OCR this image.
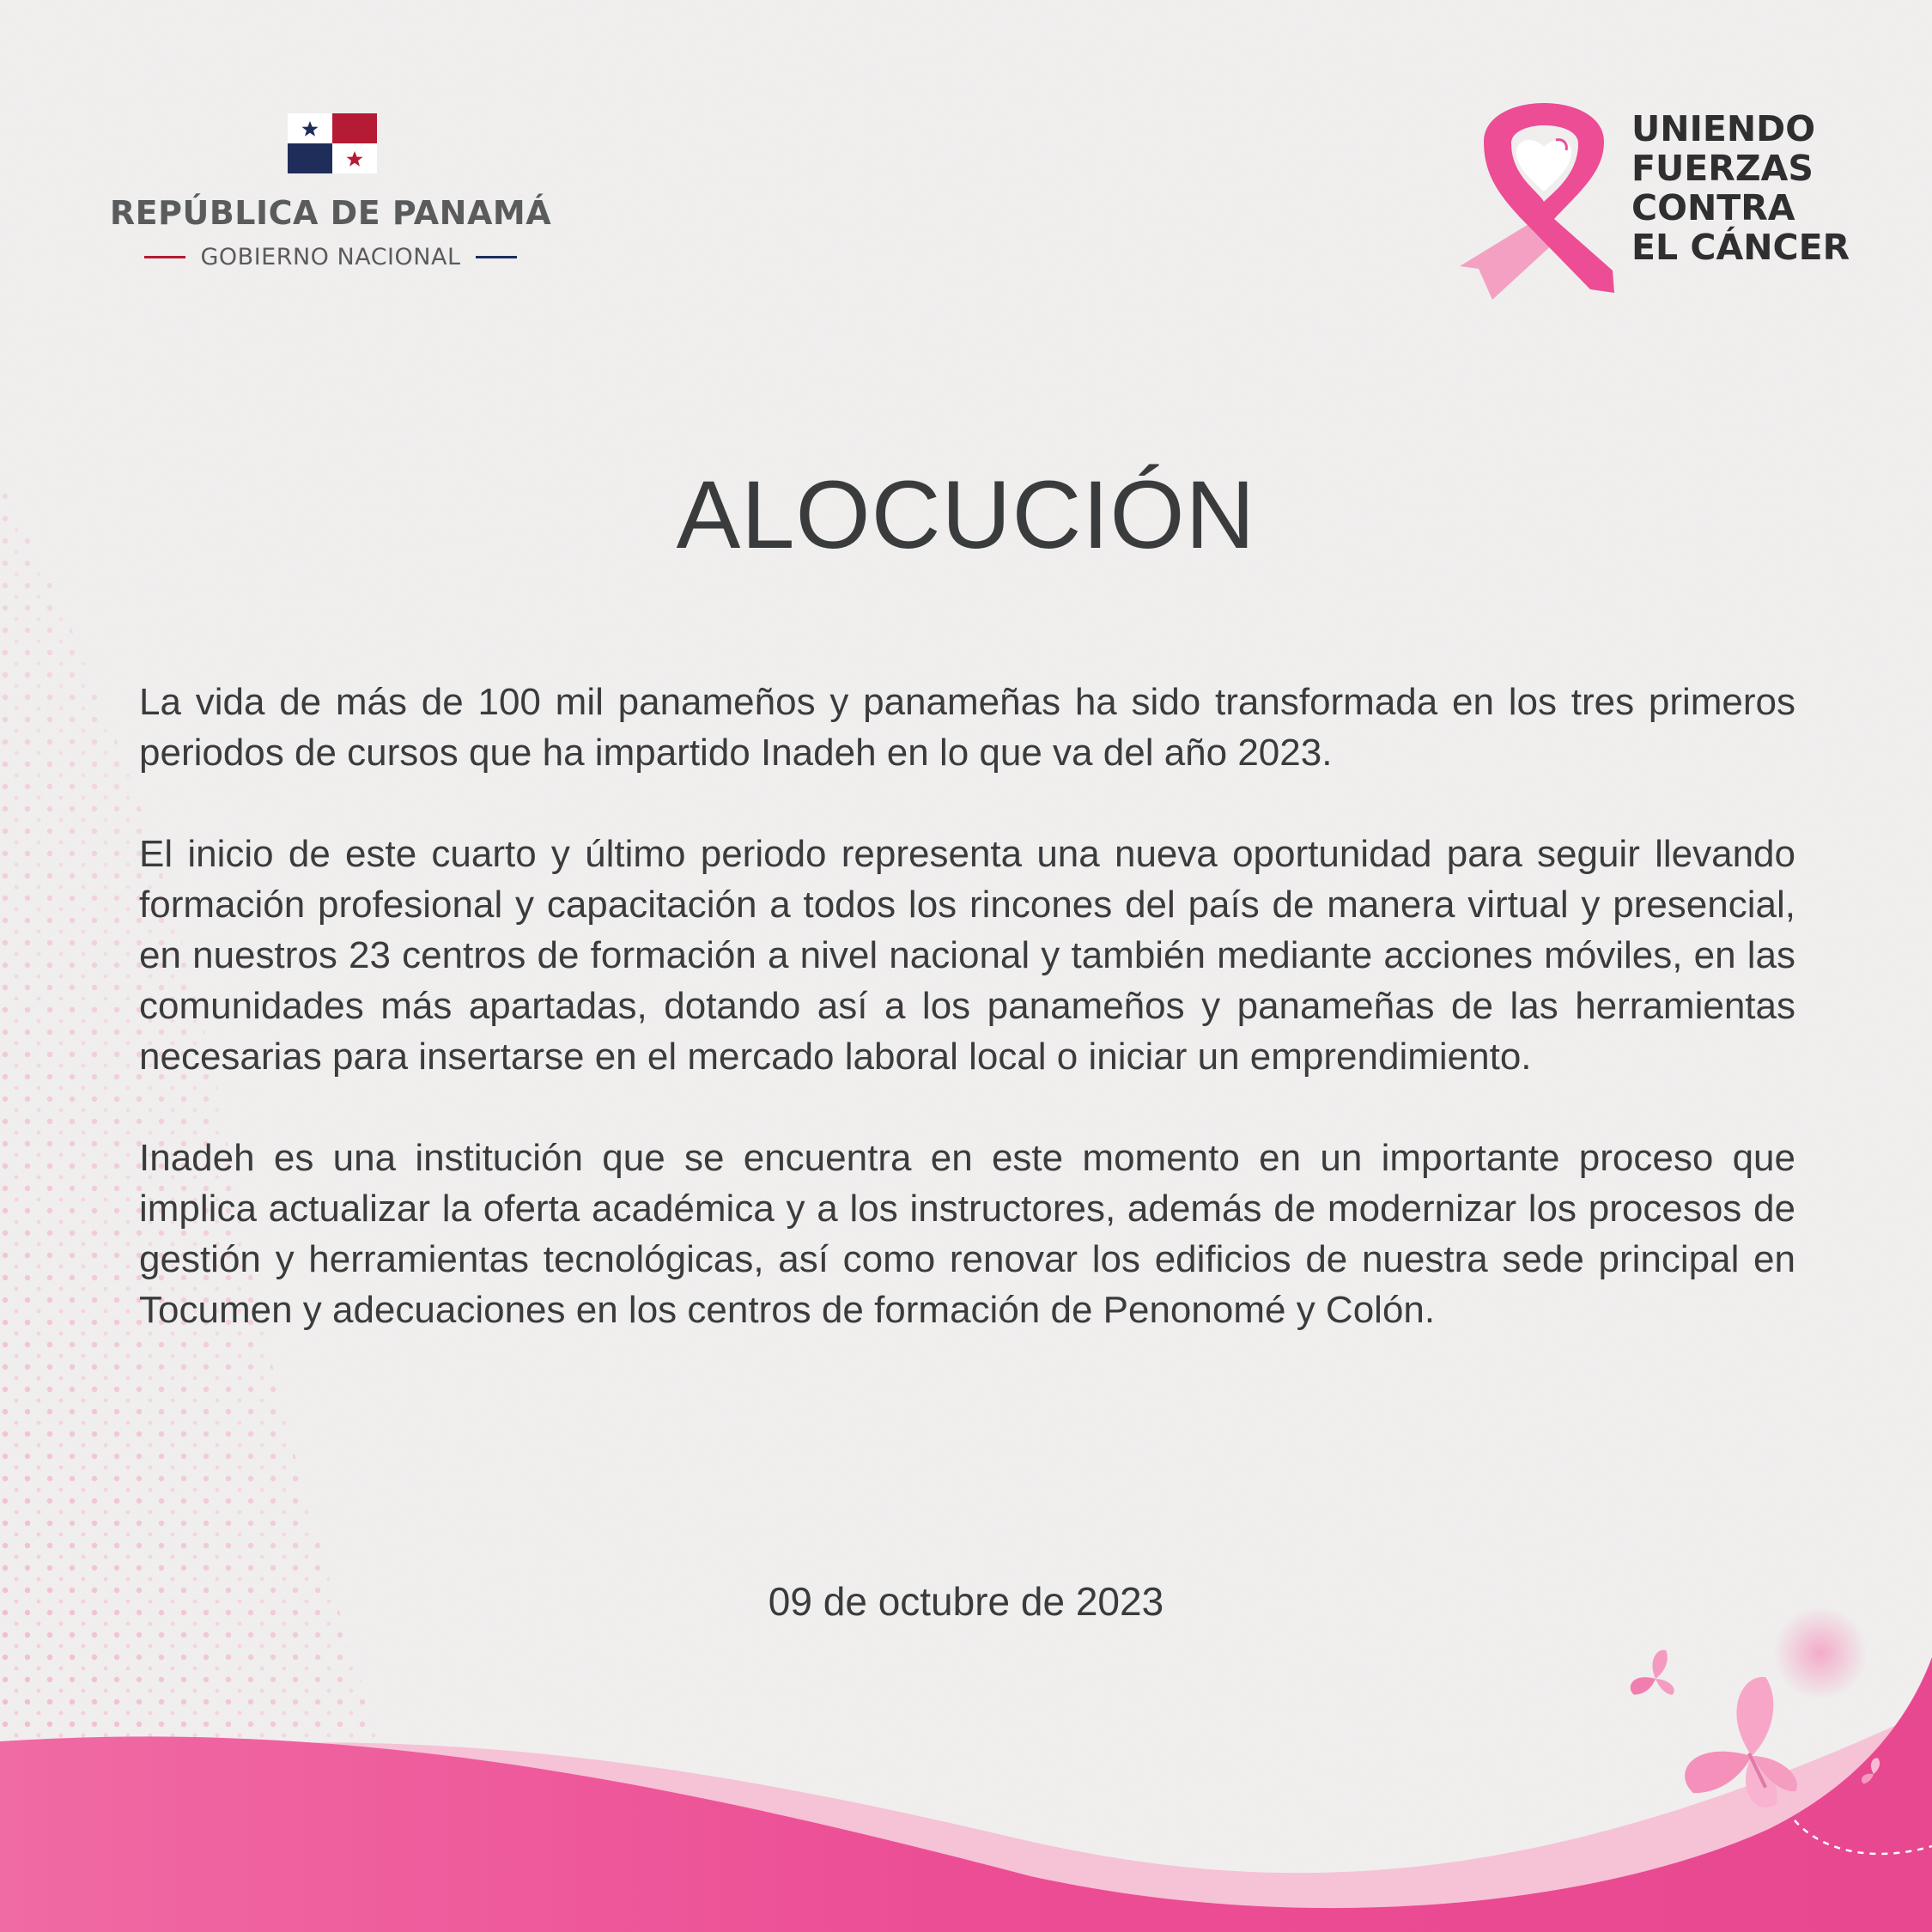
REPÚBLICA DE PANAMÁ
GOBIERNO NACIONAL
UNIENDO
FUERZAS
CONTRA
EL CÁNCER
ALOCUCIÓN

La vida de más de 100 mil panameños y panameñas ha sido transformada en los tres primeros periodos de cursos que ha impartido Inadeh en lo que va del año 2023.

El inicio de este cuarto y último periodo representa una nueva oportunidad para seguir llevando formación profesional y capacitación a todos los rincones del país de manera virtual y presencial, en nuestros 23 centros de formación a nivel nacional y también mediante acciones móviles, en las comunidades más apartadas, dotando así a los panameños y panameñas de las herramientas necesarias para insertarse en el mercado laboral local o iniciar un emprendimiento.

Inadeh es una institución que se encuentra en este momento en un importante proceso que implica actualizar la oferta académica y a los instructores, además de modernizar los procesos de gestión y herramientas tecnológicas, así como renovar los edificios de nuestra sede principal en Tocumen y adecuaciones en los centros de formación de Penonomé y Colón.

09 de octubre de 2023
